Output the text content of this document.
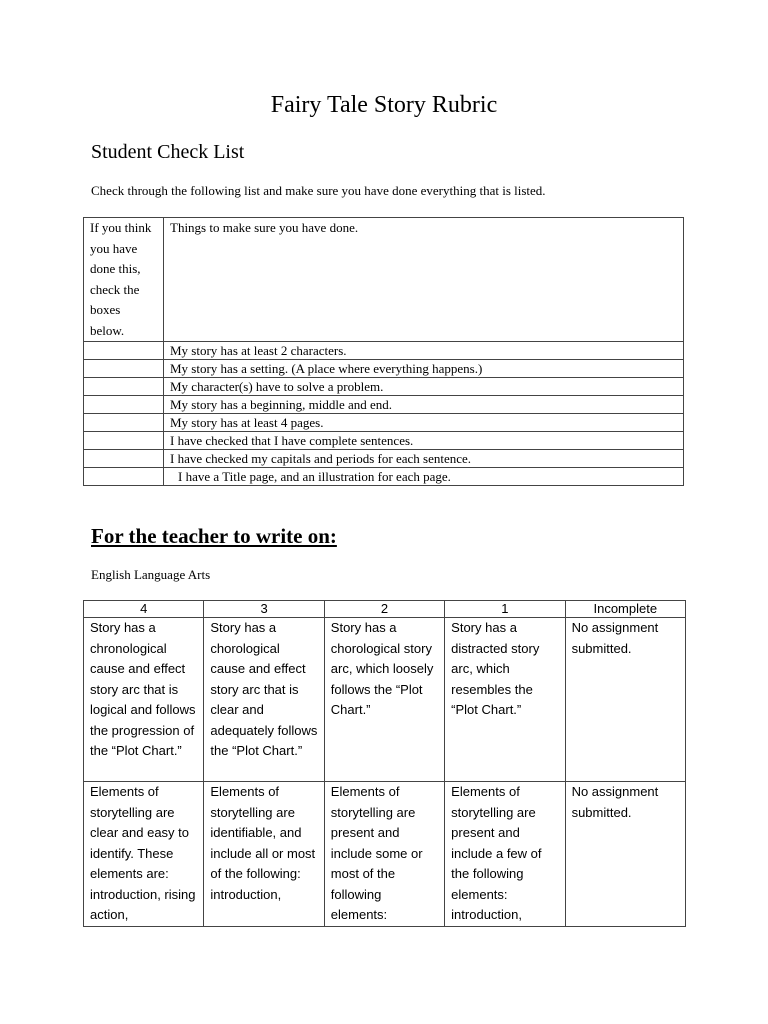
Fairy Tale Story Rubric
Student Check List
Check through the following list and make sure you have done everything that is listed.
If you think you have done this, check the boxes below.	Things to make sure you have done.
	My story has at least 2 characters.
	My story has a setting. (A place where everything happens.)
	My character(s) have to solve a problem.
	My story has a beginning, middle and end.
	My story has at least 4 pages.
	I have checked that I have complete sentences.
	I have checked my capitals and periods for each sentence.
	I have a Title page, and an illustration for each page.
For the teacher to write on:
English Language Arts
4	3	2	1	Incomplete

Story has a chronological cause and effect story arc that is logical and follows the progression of the “Plot Chart.”	Story has a chorological cause and effect story arc that is clear and adequately follows the “Plot Chart.”	Story has a chorological story arc, which loosely follows the “Plot Chart.”	Story has a distracted story arc, which resembles the “Plot Chart.”	No assignment submitted.

Elements of storytelling are clear and easy to identify. These elements are: introduction, rising action,	Elements of storytelling are identifiable, and include all or most of the following: introduction,	Elements of storytelling are present and include some or most of the following elements:	Elements of storytelling are present and include a few of the following elements: introduction,	No assignment submitted.
